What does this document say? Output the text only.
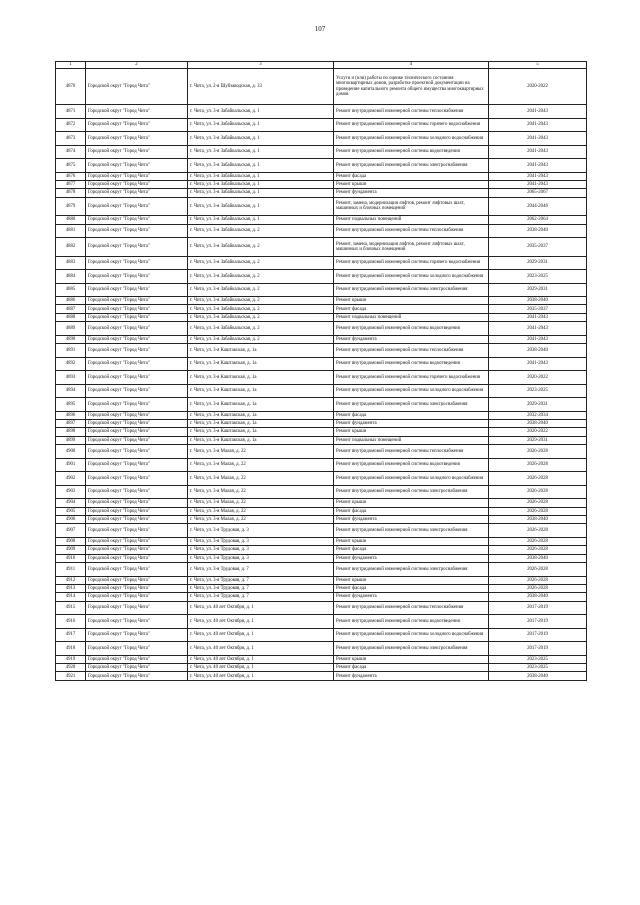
107
1	2	3	4	5
4870	Городской округ "Город Чита"	г. Чита, ул. 2-я Шубзаводская, д. 33	Услуги и (или) работы по оценке технического состояния многоквартирных домов, разработке проектной документации на проведение капитального ремонта общего имущества многоквартирных домов	2020-2022
4871	Городской округ "Город Чита"	г. Чита, ул. 3-я Забайкальская, д. 1	Ремонт внутридомовой инженерной системы теплоснабжения	2041-2043
4872	Городской округ "Город Чита"	г. Чита, ул. 3-я Забайкальская, д. 1	Ремонт внутридомовой инженерной системы горячего водоснабжения	2041-2043
4873	Городской округ "Город Чита"	г. Чита, ул. 3-я Забайкальская, д. 1	Ремонт внутридомовой инженерной системы холодного водоснабжения	2041-2043
4874	Городской округ "Город Чита"	г. Чита, ул. 3-я Забайкальская, д. 1	Ремонт внутридомовой инженерной системы водоотведения	2041-2043
4875	Городской округ "Город Чита"	г. Чита, ул. 3-я Забайкальская, д. 1	Ремонт внутридомовой инженерной системы электроснабжения	2041-2043
4876	Городской округ "Город Чита"	г. Чита, ул. 3-я Забайкальская, д. 1	Ремонт фасада	2041-2043
4877	Городской округ "Город Чита"	г. Чита, ул. 3-я Забайкальская, д. 1	Ремонт крыши	2041-2043
4878	Городской округ "Город Чита"	г. Чита, ул. 3-я Забайкальская, д. 1	Ремонт фундамента	2065-2067
4879	Городской округ "Город Чита"	г. Чита, ул. 3-я Забайкальская, д. 1	Ремонт, замена, модернизация лифтов, ремонт лифтовых шахт, машинных и блочных помещений	2044-2046
4880	Городской округ "Город Чита"	г. Чита, ул. 3-я Забайкальская, д. 1	Ремонт подвальных помещений	2062-2064
4881	Городской округ "Город Чита"	г. Чита, ул. 3-я Забайкальская, д. 2	Ремонт внутридомовой инженерной системы теплоснабжения	2038-2040
4882	Городской округ "Город Чита"	г. Чита, ул. 3-я Забайкальская, д. 2	Ремонт, замена, модернизация лифтов, ремонт лифтовых шахт, машинных и блочных помещений	2035-2037
4883	Городской округ "Город Чита"	г. Чита, ул. 3-я Забайкальская, д. 2	Ремонт внутридомовой инженерной системы горячего водоснабжения	2029-2031
4884	Городской округ "Город Чита"	г. Чита, ул. 3-я Забайкальская, д. 2	Ремонт внутридомовой инженерной системы холодного водоснабжения	2023-2025
4885	Городской округ "Город Чита"	г. Чита, ул. 3-я Забайкальская, д. 2	Ремонт внутридомовой инженерной системы электроснабжения	2029-2031
4886	Городской округ "Город Чита"	г. Чита, ул. 3-я Забайкальская, д. 2	Ремонт крыши	2038-2040
4887	Городской округ "Город Чита"	г. Чита, ул. 3-я Забайкальская, д. 2	Ремонт фасада	2035-2037
4888	Городской округ "Город Чита"	г. Чита, ул. 3-я Забайкальская, д. 2	Ремонт подвальных помещений	2041-2043
4889	Городской округ "Город Чита"	г. Чита, ул. 3-я Забайкальская, д. 2	Ремонт внутридомовой инженерной системы водоотведения	2041-2043
4890	Городской округ "Город Чита"	г. Чита, ул. 3-я Забайкальская, д. 2	Ремонт фундамента	2041-2043
4891	Городской округ "Город Чита"	г. Чита, ул. 3-я Каштакская, д. 1а	Ремонт внутридомовой инженерной системы теплоснабжения	2038-2040
4892	Городской округ "Город Чита"	г. Чита, ул. 3-я Каштакская, д. 1а	Ремонт внутридомовой инженерной системы водоотведения	2041-2043
4893	Городской округ "Город Чита"	г. Чита, ул. 3-я Каштакская, д. 1а	Ремонт внутридомовой инженерной системы горячего водоснабжения	2020-2022
4894	Городской округ "Город Чита"	г. Чита, ул. 3-я Каштакская, д. 1а	Ремонт внутридомовой инженерной системы холодного водоснабжения	2023-2025
4895	Городской округ "Город Чита"	г. Чита, ул. 3-я Каштакская, д. 1а	Ремонт внутридомовой инженерной системы электроснабжения	2029-2031
4896	Городской округ "Город Чита"	г. Чита, ул. 3-я Каштакская, д. 1а	Ремонт фасада	2032-2034
4897	Городской округ "Город Чита"	г. Чита, ул. 3-я Каштакская, д. 1а	Ремонт фундамента	2038-2040
4898	Городской округ "Город Чита"	г. Чита, ул. 3-я Каштакская, д. 1а	Ремонт крыши	2020-2022
4899	Городской округ "Город Чита"	г. Чита, ул. 3-я Каштакская, д. 1а	Ремонт подвальных помещений	2029-2031
4900	Городской округ "Город Чита"	г. Чита, ул. 3-я Малая, д. 22	Ремонт внутридомовой инженерной системы теплоснабжения	2026-2028
4901	Городской округ "Город Чита"	г. Чита, ул. 3-я Малая, д. 22	Ремонт внутридомовой инженерной системы водоотведения	2026-2028
4902	Городской округ "Город Чита"	г. Чита, ул. 3-я Малая, д. 22	Ремонт внутридомовой инженерной системы холодного водоснабжения	2026-2028
4903	Городской округ "Город Чита"	г. Чита, ул. 3-я Малая, д. 22	Ремонт внутридомовой инженерной системы электроснабжения	2026-2028
4904	Городской округ "Город Чита"	г. Чита, ул. 3-я Малая, д. 22	Ремонт крыши	2026-2028
4905	Городской округ "Город Чита"	г. Чита, ул. 3-я Малая, д. 22	Ремонт фасада	2026-2028
4906	Городской округ "Город Чита"	г. Чита, ул. 3-я Малая, д. 22	Ремонт фундамента	2038-2040
4907	Городской округ "Город Чита"	г. Чита, ул. 3-я Трудовая, д. 3	Ремонт внутридомовой инженерной системы электроснабжения	2026-2028
4908	Городской округ "Город Чита"	г. Чита, ул. 3-я Трудовая, д. 3	Ремонт крыши	2026-2028
4909	Городской округ "Город Чита"	г. Чита, ул. 3-я Трудовая, д. 3	Ремонт фасада	2026-2028
4910	Городской округ "Город Чита"	г. Чита, ул. 3-я Трудовая, д. 3	Ремонт фундамента	2038-2040
4911	Городской округ "Город Чита"	г. Чита, ул. 3-я Трудовая, д. 7	Ремонт внутридомовой инженерной системы электроснабжения	2026-2028
4912	Городской округ "Город Чита"	г. Чита, ул. 3-я Трудовая, д. 7	Ремонт крыши	2026-2028
4913	Городской округ "Город Чита"	г. Чита, ул. 3-я Трудовая, д. 7	Ремонт фасада	2026-2028
4914	Городской округ "Город Чита"	г. Чита, ул. 3-я Трудовая, д. 7	Ремонт фундамента	2038-2040
4915	Городской округ "Город Чита"	г. Чита, ул. 40 лет Октября, д. 1	Ремонт внутридомовой инженерной системы теплоснабжения	2017-2019
4916	Городской округ "Город Чита"	г. Чита, ул. 40 лет Октября, д. 1	Ремонт внутридомовой инженерной системы водоотведения	2017-2019
4917	Городской округ "Город Чита"	г. Чита, ул. 40 лет Октября, д. 1	Ремонт внутридомовой инженерной системы холодного водоснабжения	2017-2019
4918	Городской округ "Город Чита"	г. Чита, ул. 40 лет Октября, д. 1	Ремонт внутридомовой инженерной системы электроснабжения	2017-2019
4919	Городской округ "Город Чита"	г. Чита, ул. 40 лет Октября, д. 1	Ремонт крыши	2023-2025
4920	Городской округ "Город Чита"	г. Чита, ул. 40 лет Октября, д. 1	Ремонт фасада	2023-2025
4921	Городской округ "Город Чита"	г. Чита, ул. 40 лет Октября, д. 1	Ремонт фундамента	2038-2040
